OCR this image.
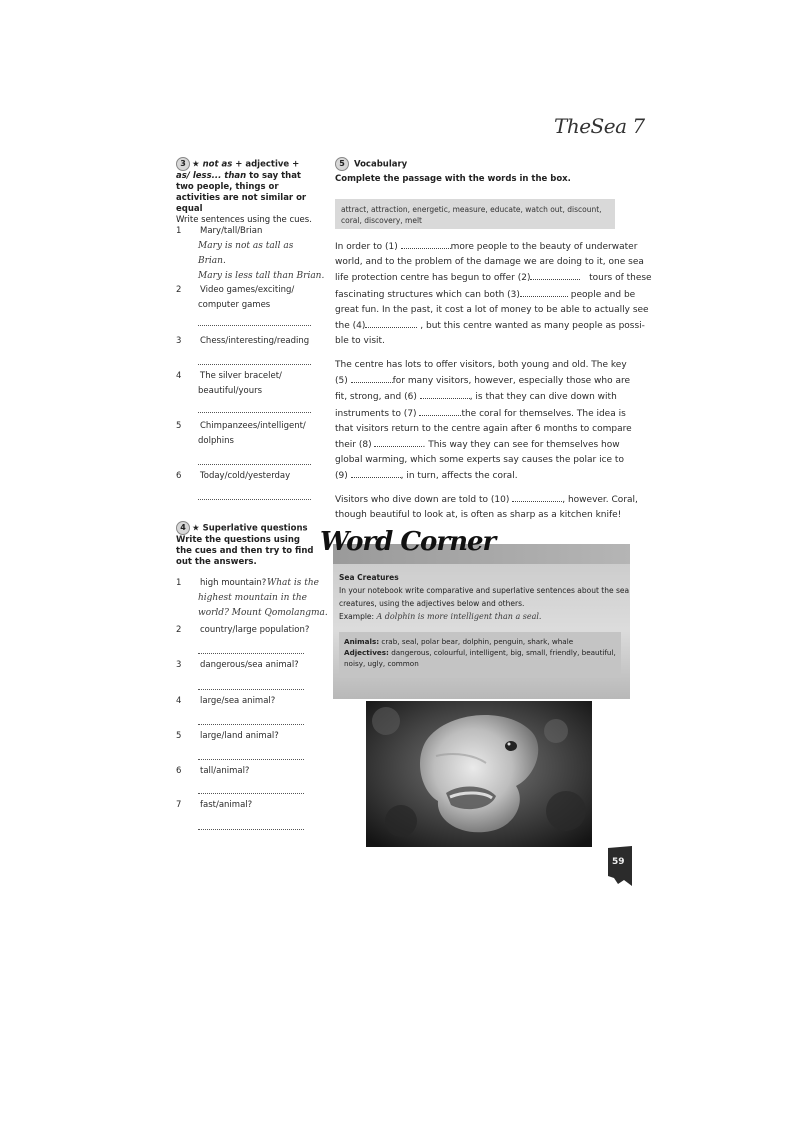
TheSea 7
3 ★ not as + adjective + as/ less... than to say that two people, things or activities are not similar or equal
Write sentences using the cues.
1	Mary/tall/Brian
Mary is not as tall as
Brian.
Mary is less tall than Brian.
2	Video games/exciting/
computer games
3	Chess/interesting/reading
4	The silver bracelet/
beautiful/yours
5	Chimpanzees/intelligent/
dolphins
6	Today/cold/yesterday
4 ★ Superlative questions
Write the questions using the cues and then try to find out the answers.
1	high mountain? What is the
highest mountain in the
world? Mount Qomolangma.
2	country/large population?
3	dangerous/sea animal?
4	large/sea animal?
5	large/land animal?
6	tall/animal?
7	fast/animal?
5 Vocabulary
Complete the passage with the words in the box.
attract, attraction, energetic, measure, educate, watch out, discount, coral, discovery, melt
In order to (1)	more people to the beauty of underwater
world, and to the problem of the damage we are doing to it, one sea
life protection centre has begun to offer (2)	tours of these
fascinating structures which can both (3)	people and be
great fun. In the past, it cost a lot of money to be able to actually see
the (4)	, but this centre wanted as many people as possi-
ble to visit.
The centre has lots to offer visitors, both young and old. The key
(5)	for many visitors, however, especially those who are
fit, strong, and (6)	, is that they can dive down with
instruments to (7)	the coral for themselves. The idea is
that visitors return to the centre again after 6 months to compare
their (8)	. This way they can see for themselves how
global warming, which some experts say causes the polar ice to
(9)	, in turn, affects the coral.
Visitors who dive down are told to (10)	, however. Coral,
though beautiful to look at, is often as sharp as a kitchen knife!
Word Corner
Sea Creatures
In your notebook write comparative and superlative sentences about the sea
creatures, using the adjectives below and others.
Example: A dolphin is more intelligent than a seal.
Animals: crab, seal, polar bear, dolphin, penguin, shark, whale
Adjectives: dangerous, colourful, intelligent, big, small, friendly, beautiful,
noisy, ugly, common
59
